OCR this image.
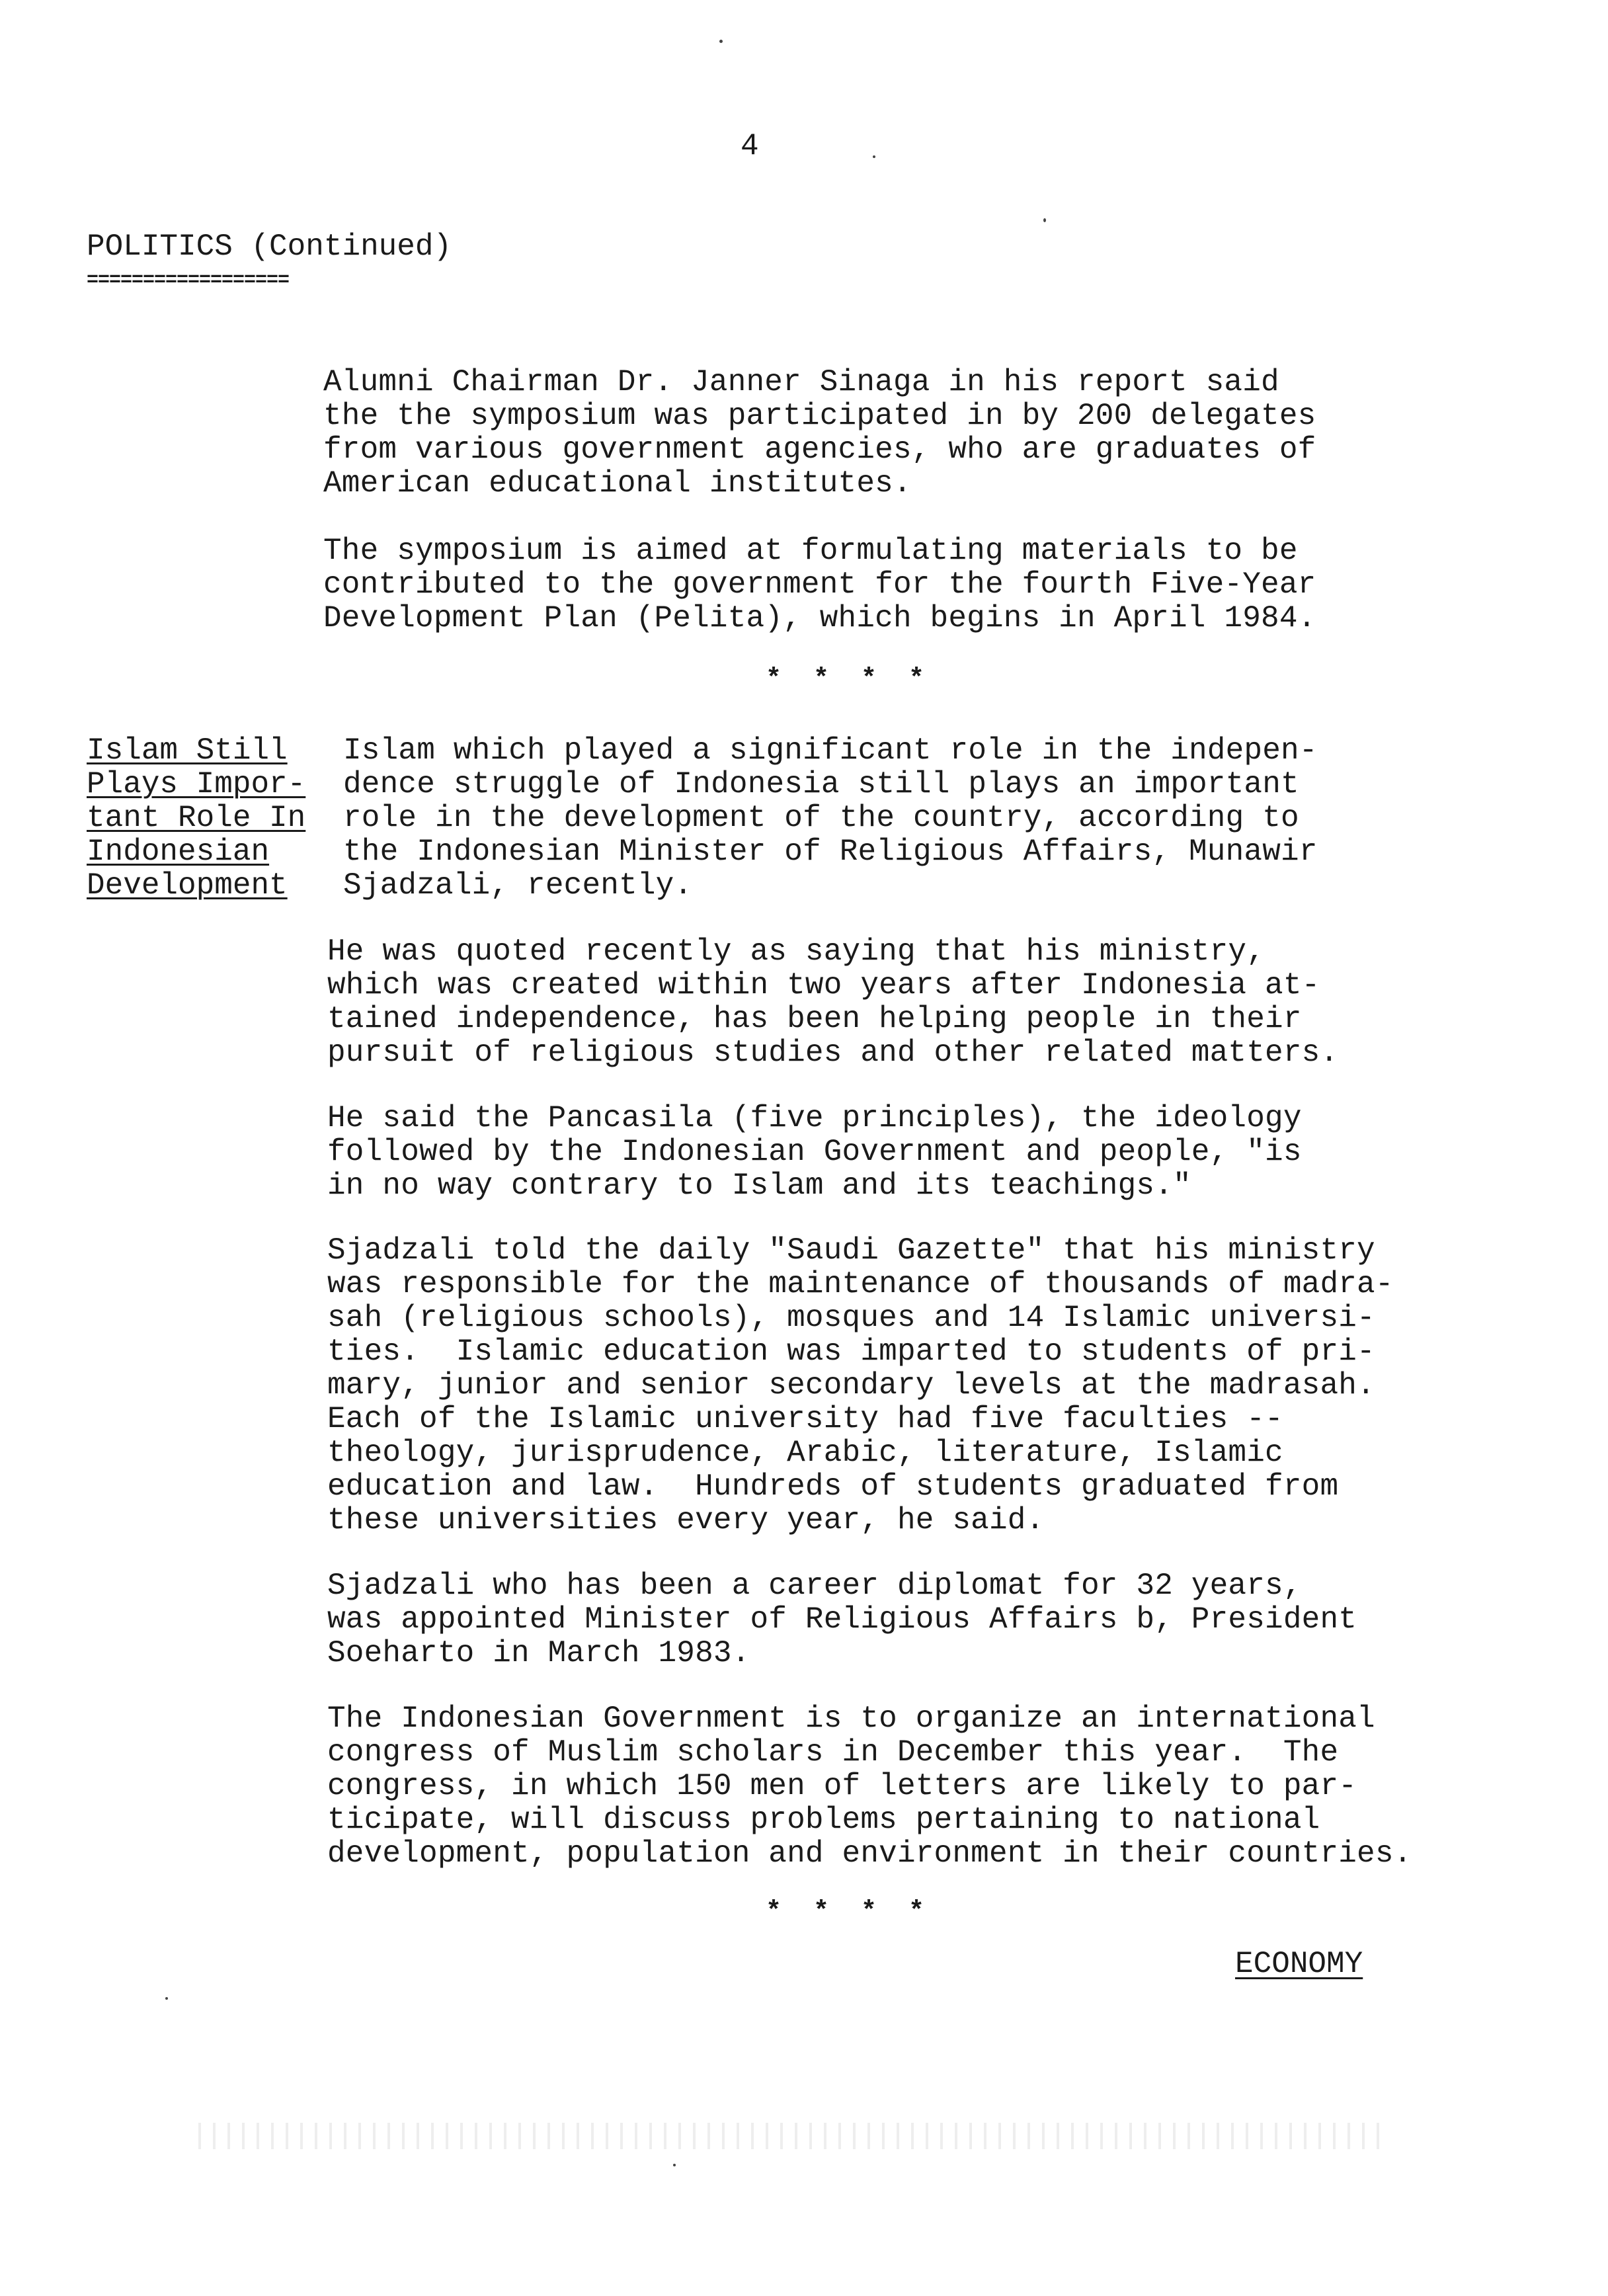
4
POLITICS (Continued)
==================
Alumni Chairman Dr. Janner Sinaga in his report said
the the symposium was participated in by 200 delegates
from various government agencies, who are graduates of
American educational institutes.
The symposium is aimed at formulating materials to be
contributed to the government for the fourth Five-Year
Development Plan (Pelita), which begins in April 1984.
*  *  *  *
Islam Still
Plays Impor-
tant Role In
Indonesian
Development
Islam which played a significant role in the indepen-
dence struggle of Indonesia still plays an important
role in the development of the country, according to
the Indonesian Minister of Religious Affairs, Munawir
Sjadzali, recently.
He was quoted recently as saying that his ministry,
which was created within two years after Indonesia at-
tained independence, has been helping people in their
pursuit of religious studies and other related matters.
He said the Pancasila (five principles), the ideology
followed by the Indonesian Government and people, "is
in no way contrary to Islam and its teachings."
Sjadzali told the daily "Saudi Gazette" that his ministry
was responsible for the maintenance of thousands of madra-
sah (religious schools), mosques and 14 Islamic universi-
ties.  Islamic education was imparted to students of pri-
mary, junior and senior secondary levels at the madrasah.
Each of the Islamic university had five faculties --
theology, jurisprudence, Arabic, literature, Islamic
education and law.  Hundreds of students graduated from
these universities every year, he said.
Sjadzali who has been a career diplomat for 32 years,
was appointed Minister of Religious Affairs b, President
Soeharto in March 1983.
The Indonesian Government is to organize an international
congress of Muslim scholars in December this year.  The
congress, in which 150 men of letters are likely to par-
ticipate, will discuss problems pertaining to national
development, population and environment in their countries.
*  *  *  *
ECONOMY
